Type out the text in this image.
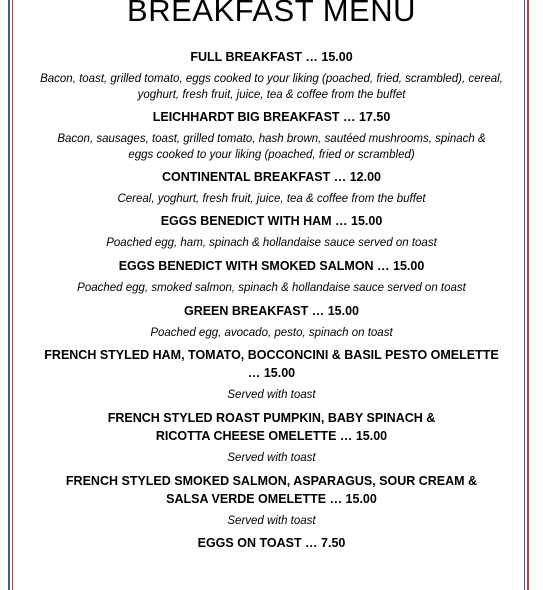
BREAKFAST MENU
FULL BREAKFAST … 15.00
Bacon, toast, grilled tomato, eggs cooked to your liking (poached, fried, scrambled), cereal,
yoghurt, fresh fruit, juice, tea & coffee from the buffet
LEICHHARDT BIG BREAKFAST … 17.50
Bacon, sausages, toast, grilled tomato, hash brown, sautéed mushrooms, spinach &
eggs cooked to your liking (poached, fried or scrambled)
CONTINENTAL BREAKFAST … 12.00
Cereal, yoghurt, fresh fruit, juice, tea & coffee from the buffet
EGGS BENEDICT WITH HAM … 15.00
Poached egg, ham, spinach & hollandaise sauce served on toast
EGGS BENEDICT WITH SMOKED SALMON … 15.00
Poached egg, smoked salmon, spinach & hollandaise sauce served on toast
GREEN BREAKFAST … 15.00
Poached egg, avocado, pesto, spinach on toast
FRENCH STYLED HAM, TOMATO, BOCCONCINI & BASIL PESTO OMELETTE
… 15.00
Served with toast
FRENCH STYLED ROAST PUMPKIN, BABY SPINACH &
RICOTTA CHEESE OMELETTE … 15.00
Served with toast
FRENCH STYLED SMOKED SALMON, ASPARAGUS, SOUR CREAM &
SALSA VERDE OMELETTE … 15.00
Served with toast
EGGS ON TOAST … 7.50
